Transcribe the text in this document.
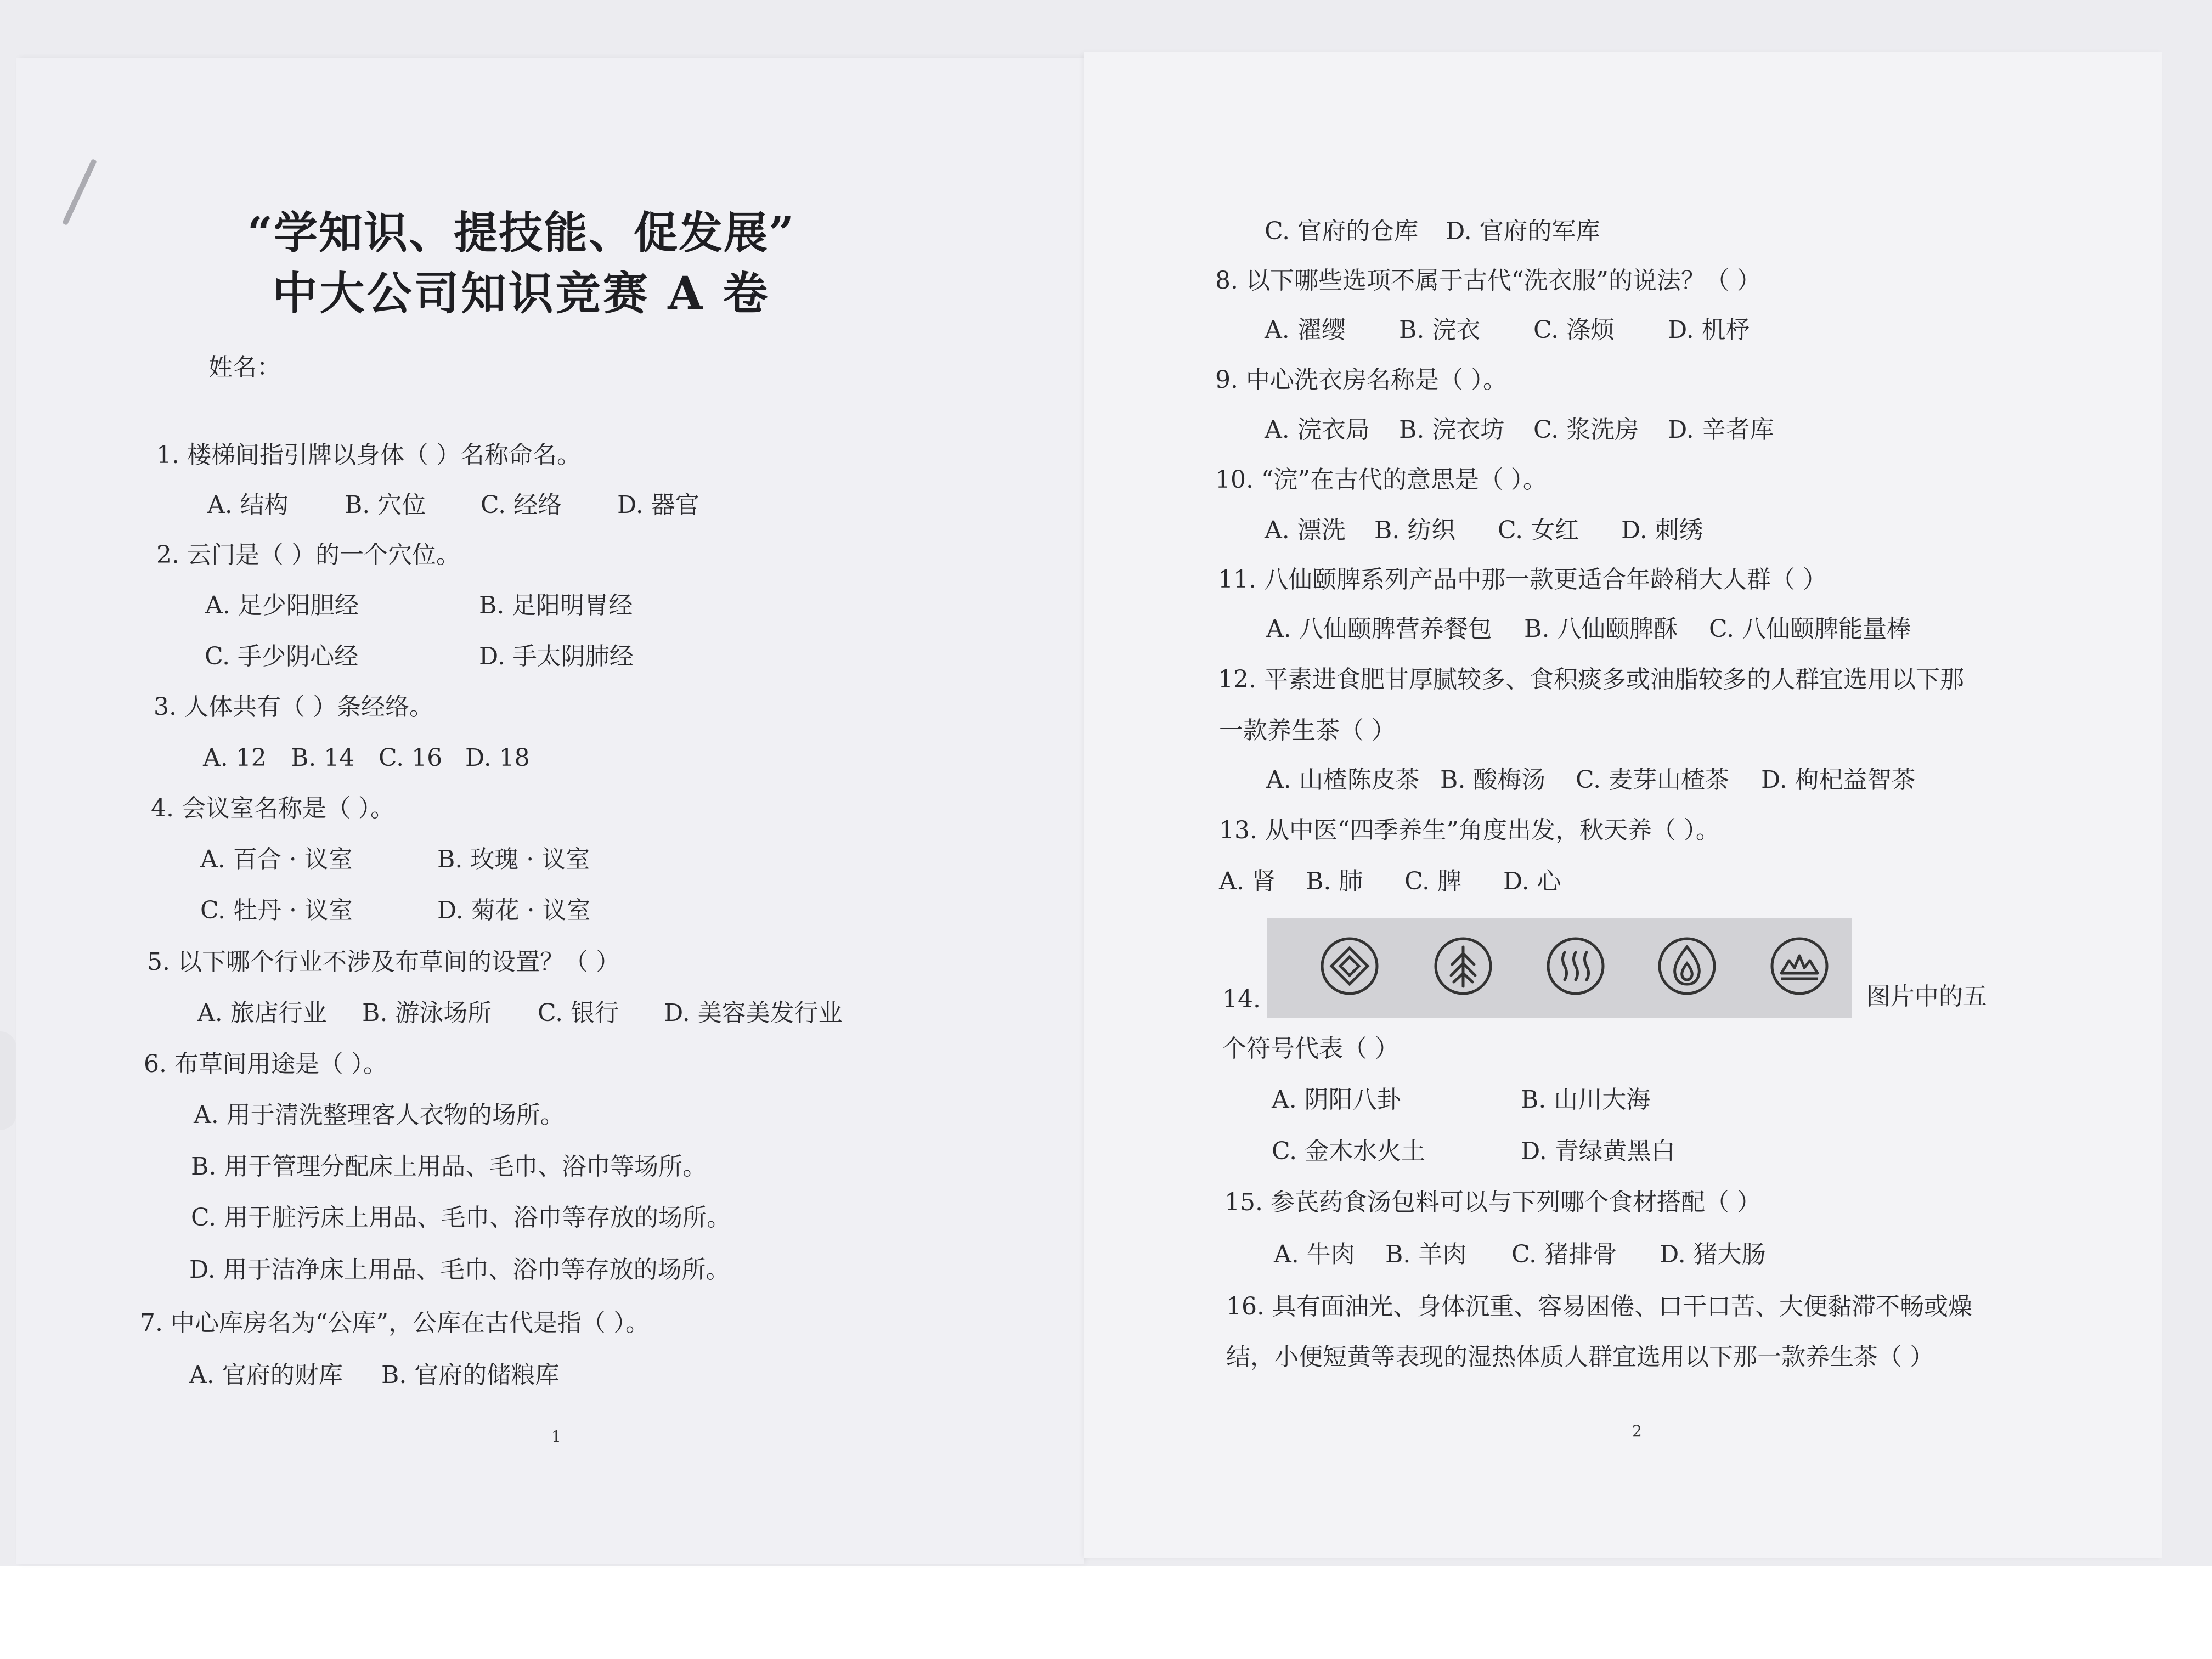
“学知识、提技能、促发展”
中大公司知识竞赛 A 卷
姓名：
1. 楼梯间指引牌以身体（ ）名称命名。
A. 结构 B. 穴位 C. 经络 D. 器官
2. 云门是（ ）的一个穴位。
A. 足少阳胆经	B. 足阳明胃经
C. 手少阴心经	D. 手太阴肺经
3. 人体共有（ ）条经络。
A. 12 B. 14 C. 16 D. 18
4. 会议室名称是（ ）。
A. 百合 · 议室	B. 玫瑰 · 议室
C. 牡丹 · 议室	D. 菊花 · 议室
5. 以下哪个行业不涉及布草间的设置？（ ）
A. 旅店行业 B. 游泳场所 C. 银行 D. 美容美发行业
6. 布草间用途是（ ）。
A. 用于清洗整理客人衣物的场所。
B. 用于管理分配床上用品、毛巾、浴巾等场所。
C. 用于脏污床上用品、毛巾、浴巾等存放的场所。
D. 用于洁净床上用品、毛巾、浴巾等存放的场所。
7. 中心库房名为“公库”，公库在古代是指（ ）。
A. 官府的财库 B. 官府的储粮库
1
C. 官府的仓库 D. 官府的军库
8. 以下哪些选项不属于古代“洗衣服”的说法？（ ）
A. 濯缨 B. 浣衣 C. 涤烦 D. 机杼
9. 中心洗衣房名称是（ ）。
A. 浣衣局 B. 浣衣坊 C. 浆洗房 D. 辛者库
10. “浣”在古代的意思是（ ）。
A. 漂洗 B. 纺织 C. 女红 D. 刺绣
11. 八仙颐脾系列产品中那一款更适合年龄稍大人群（ ）
A. 八仙颐脾营养餐包 B. 八仙颐脾酥 C. 八仙颐脾能量棒
12. 平素进食肥甘厚腻较多、食积痰多或油脂较多的人群宜选用以下那
一款养生茶（ ）
A. 山楂陈皮茶 B. 酸梅汤 C. 麦芽山楂茶 D. 枸杞益智茶
13. 从中医“四季养生”角度出发，秋天养（ ）。
A. 肾 B. 肺 C. 脾 D. 心
14.	图片中的五
个符号代表（ ）
A. 阴阳八卦	B. 山川大海
C. 金木水火土	D. 青绿黄黑白
15. 参芪药食汤包料可以与下列哪个食材搭配（ ）
A. 牛肉 B. 羊肉 C. 猪排骨 D. 猪大肠
16. 具有面油光、身体沉重、容易困倦、口干口苦、大便黏滞不畅或燥
结，小便短黄等表现的湿热体质人群宜选用以下那一款养生茶（ ）
2
